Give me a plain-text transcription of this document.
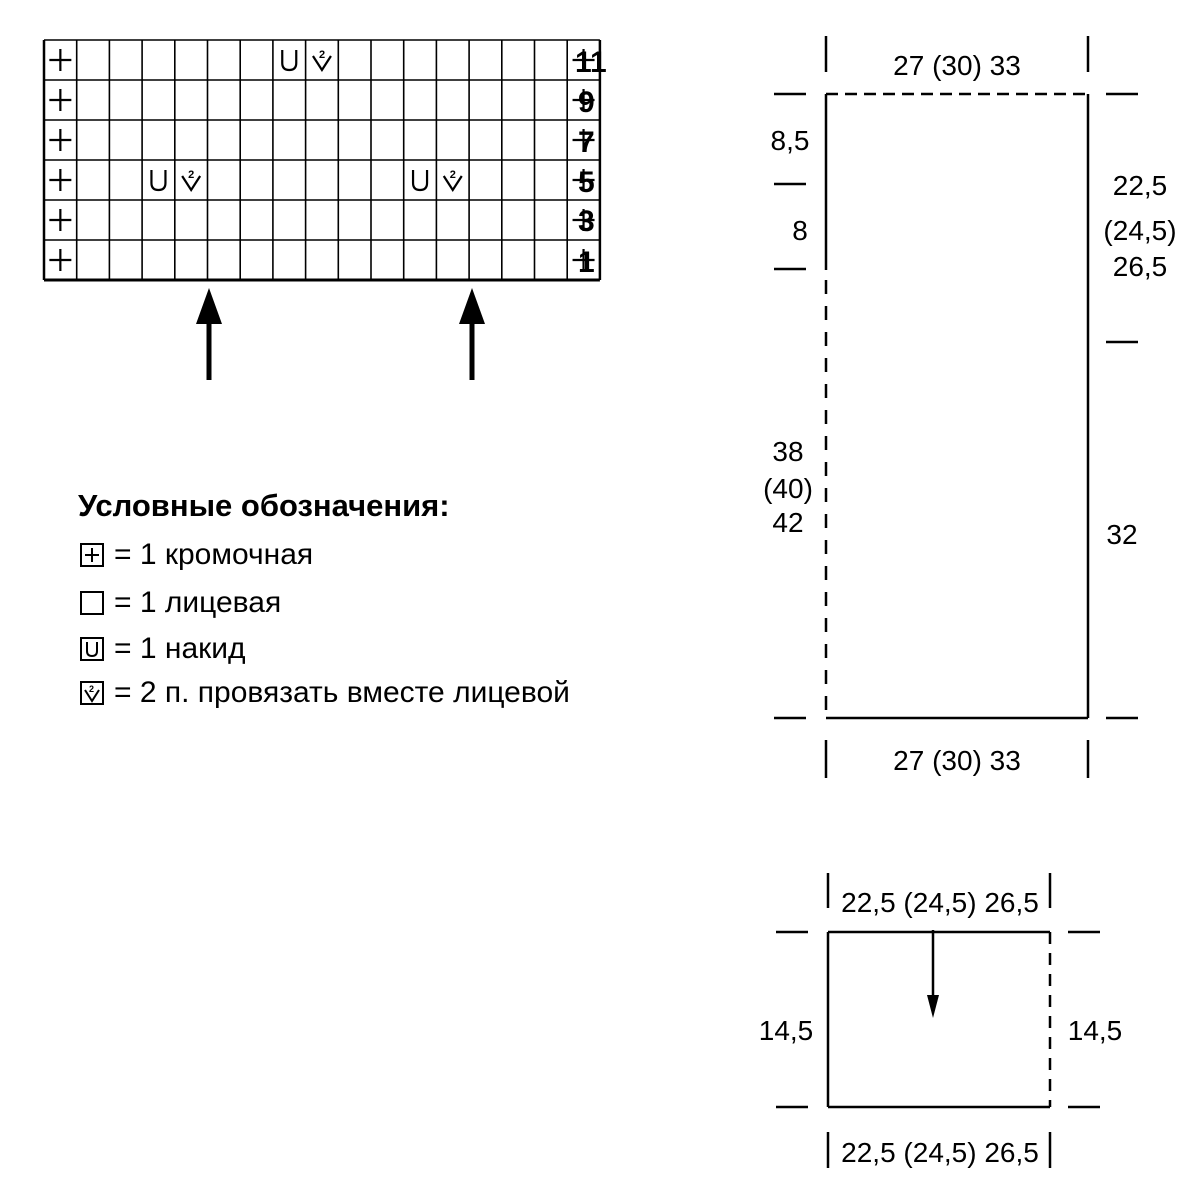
2
2	2
11
9
7
5
3
1
27 (30) 33
27 (30) 33
8,5
8
38
(40)
42
22,5
(24,5)
26,5
32
22,5 (24,5) 26,5
22,5 (24,5) 26,5
14,5	14,5
Условные обозначения:
= 1 кромочная
= 1 лицевая
= 1 накид
2 = 2 п. провязать вместе лицевой
